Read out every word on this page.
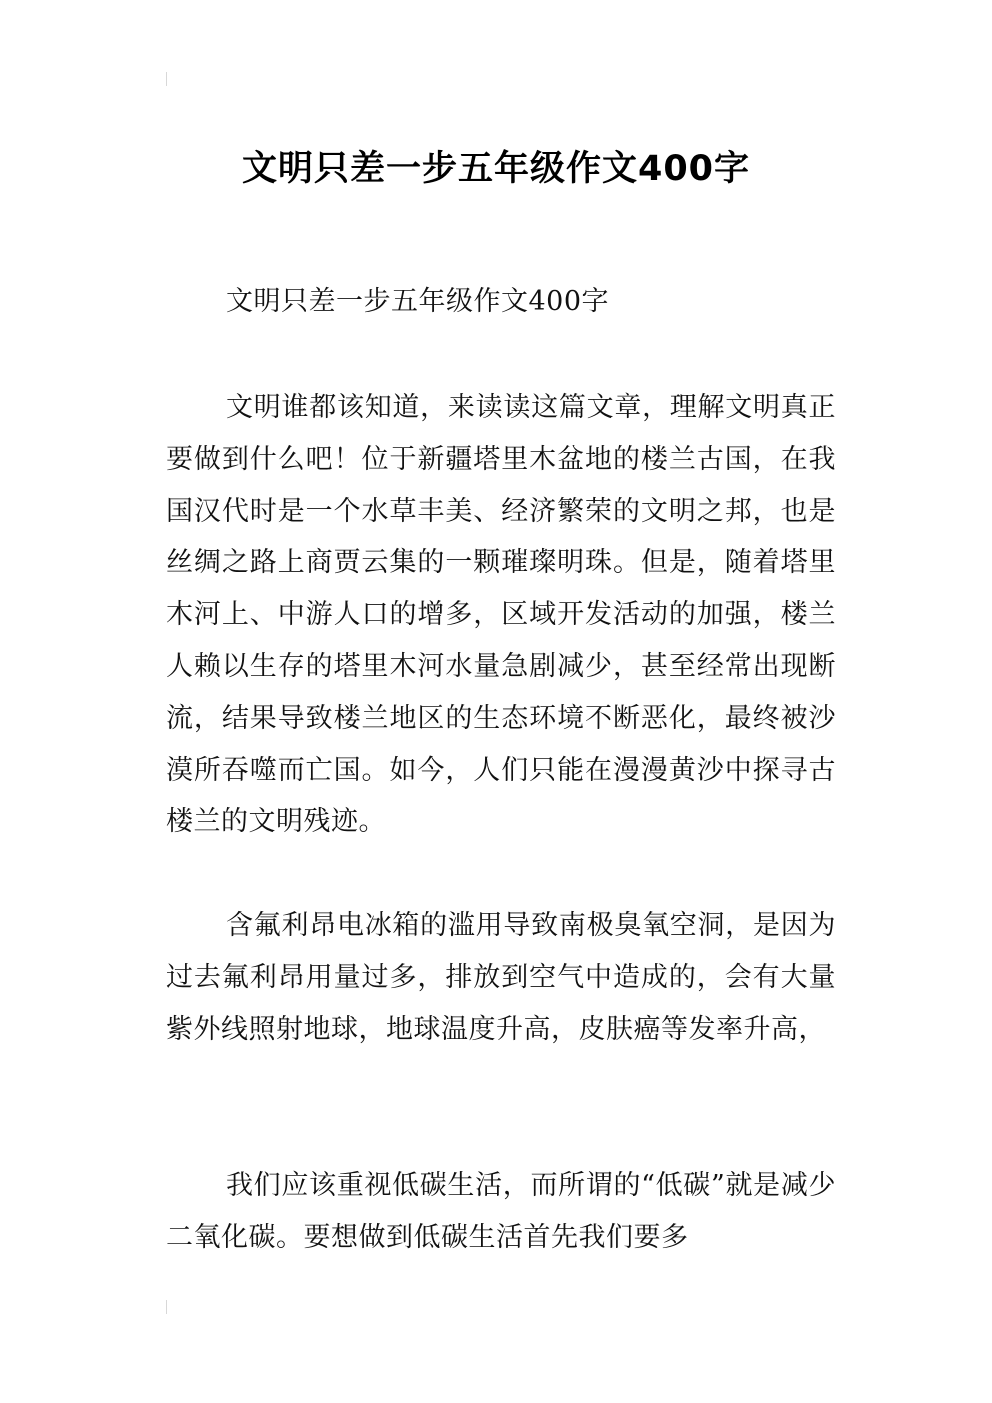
文明只差一步五年级作文400字

文明只差一步五年级作文400字

文明谁都该知道，来读读这篇文章，理解文明真正要做到什么吧！位于新疆塔里木盆地的楼兰古国，在我国汉代时是一个水草丰美、经济繁荣的文明之邦，也是丝绸之路上商贾云集的一颗璀璨明珠。但是，随着塔里木河上、中游人口的增多，区域开发活动的加强，楼兰人赖以生存的塔里木河水量急剧减少，甚至经常出现断流，结果导致楼兰地区的生态环境不断恶化，最终被沙漠所吞噬而亡国。如今，人们只能在漫漫黄沙中探寻古楼兰的文明残迹。

含氟利昂电冰箱的滥用导致南极臭氧空洞，是因为过去氟利昂用量过多，排放到空气中造成的，会有大量紫外线照射地球，地球温度升高，皮肤癌等发率升高，

我们应该重视低碳生活，而所谓的“低碳”就是减少二氧化碳。要想做到低碳生活首先我们要多
